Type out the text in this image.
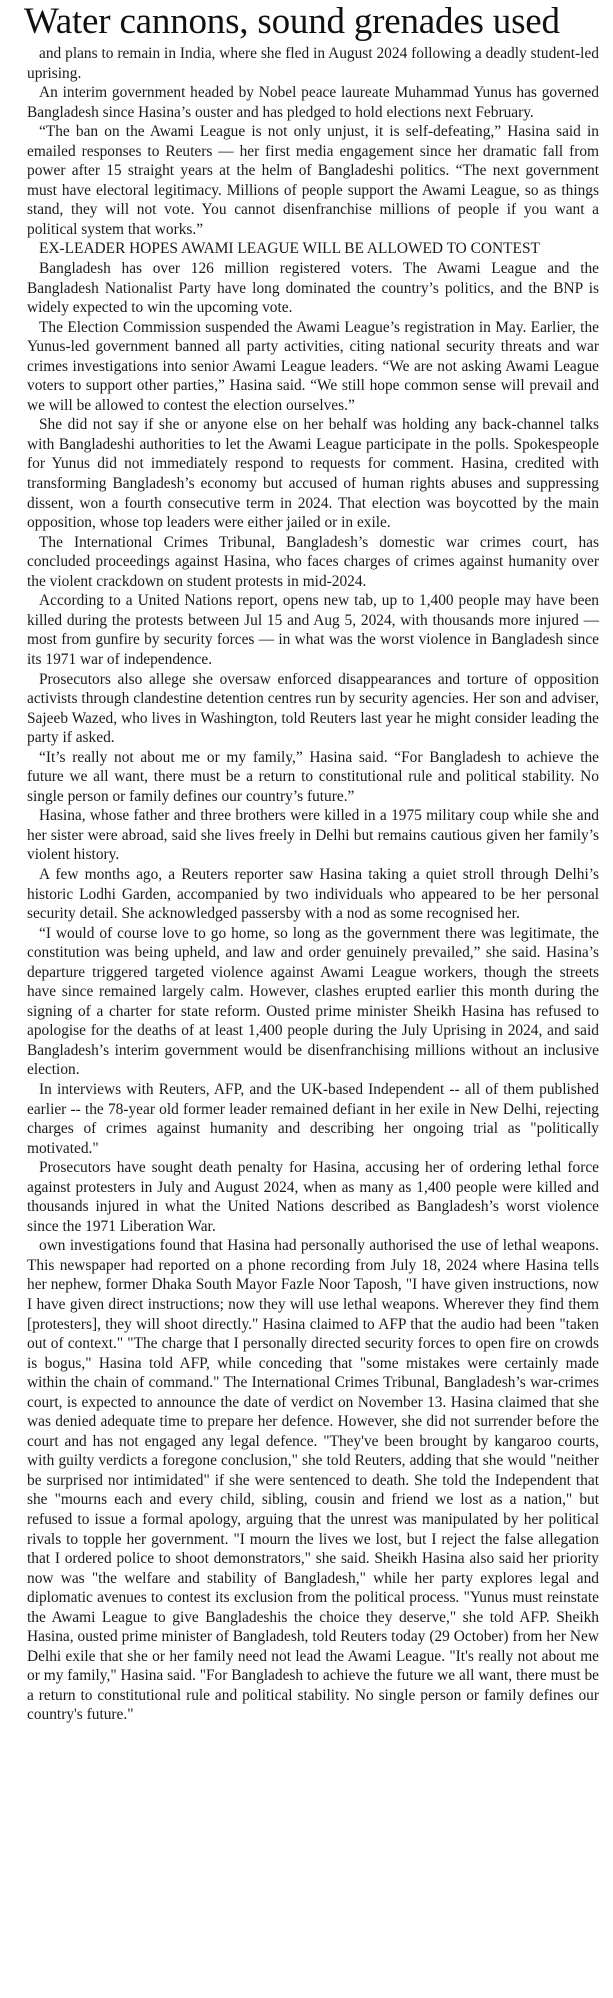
Water cannons, sound grenades used

and plans to remain in India, where she fled in August 2024 following a deadly student-led uprising.

An interim government headed by Nobel peace laureate Muhammad Yunus has governed Bangladesh since Hasina’s ouster and has pledged to hold elections next February.

“The ban on the Awami League is not only unjust, it is self-defeating,” Hasina said in emailed responses to Reuters — her first media engagement since her dramatic fall from power after 15 straight years at the helm of Bangladeshi politics. “The next government must have electoral legitimacy. Millions of people support the Awami League, so as things stand, they will not vote. You cannot disenfranchise millions of people if you want a political system that works.”

EX-LEADER HOPES AWAMI LEAGUE WILL BE ALLOWED TO CONTEST

Bangladesh has over 126 million registered voters. The Awami League and the Bangladesh Nationalist Party have long dominated the country’s politics, and the BNP is widely expected to win the upcoming vote.

The Election Commission suspended the Awami League’s registration in May. Earlier, the Yunus-led government banned all party activities, citing national security threats and war crimes investigations into senior Awami League leaders. “We are not asking Awami League voters to support other parties,” Hasina said. “We still hope common sense will prevail and we will be allowed to contest the election ourselves.”

She did not say if she or anyone else on her behalf was holding any back-channel talks with Bangladeshi authorities to let the Awami League participate in the polls. Spokespeople for Yunus did not immediately respond to requests for comment. Hasina, credited with transforming Bangladesh’s economy but accused of human rights abuses and suppressing dissent, won a fourth consecutive term in 2024. That election was boycotted by the main opposition, whose top leaders were either jailed or in exile.

The International Crimes Tribunal, Bangladesh’s domestic war crimes court, has concluded proceedings against Hasina, who faces charges of crimes against humanity over the violent crackdown on student protests in mid-2024.

According to a United Nations report, opens new tab, up to 1,400 people may have been killed during the protests between Jul 15 and Aug 5, 2024, with thousands more injured — most from gunfire by security forces — in what was the worst violence in Bangladesh since its 1971 war of independence.

Prosecutors also allege she oversaw enforced disappearances and torture of opposition activists through clandestine detention centres run by security agencies. Her son and adviser, Sajeeb Wazed, who lives in Washington, told Reuters last year he might consider leading the party if asked.

“It’s really not about me or my family,” Hasina said. “For Bangladesh to achieve the future we all want, there must be a return to constitutional rule and political stability. No single person or family defines our country’s future.”

Hasina, whose father and three brothers were killed in a 1975 military coup while she and her sister were abroad, said she lives freely in Delhi but remains cautious given her family’s violent history.

A few months ago, a Reuters reporter saw Hasina taking a quiet stroll through Delhi’s historic Lodhi Garden, accompanied by two individuals who appeared to be her personal security detail. She acknowledged passersby with a nod as some recognised her.

“I would of course love to go home, so long as the government there was legitimate, the constitution was being upheld, and law and order genuinely prevailed,” she said. Hasina’s departure triggered targeted violence against Awami League workers, though the streets have since remained largely calm. However, clashes erupted earlier this month during the signing of a charter for state reform. Ousted prime minister Sheikh Hasina has refused to apologise for the deaths of at least 1,400 people during the July Uprising in 2024, and said Bangladesh’s interim government would be disenfranchising millions without an inclusive election.

In interviews with Reuters, AFP, and the UK-based Independent -- all of them published earlier -- the 78-year old former leader remained defiant in her exile in New Delhi, rejecting charges of crimes against humanity and describing her ongoing trial as "politically motivated."

Prosecutors have sought death penalty for Hasina, accusing her of ordering lethal force against protesters in July and August 2024, when as many as 1,400 people were killed and thousands injured in what the United Nations described as Bangladesh’s worst violence since the 1971 Liberation War.

own investigations found that Hasina had personally authorised the use of lethal weapons. This newspaper had reported on a phone recording from July 18, 2024 where Hasina tells her nephew, former Dhaka South Mayor Fazle Noor Taposh, "I have given instructions, now I have given direct instructions; now they will use lethal weapons. Wherever they find them [protesters], they will shoot directly." Hasina claimed to AFP that the audio had been "taken out of context." "The charge that I personally directed security forces to open fire on crowds is bogus," Hasina told AFP, while conceding that "some mistakes were certainly made within the chain of command." The International Crimes Tribunal, Bangladesh’s war-crimes court, is expected to announce the date of verdict on November 13. Hasina claimed that she was denied adequate time to prepare her defence. However, she did not surrender before the court and has not engaged any legal defence. "They've been brought by kangaroo courts, with guilty verdicts a foregone conclusion," she told Reuters, adding that she would "neither be surprised nor intimidated" if she were sentenced to death. She told the Independent that she "mourns each and every child, sibling, cousin and friend we lost as a nation," but refused to issue a formal apology, arguing that the unrest was manipulated by her political rivals to topple her government. "I mourn the lives we lost, but I reject the false allegation that I ordered police to shoot demonstrators," she said. Sheikh Hasina also said her priority now was "the welfare and stability of Bangladesh," while her party explores legal and diplomatic avenues to contest its exclusion from the political process. "Yunus must reinstate the Awami League to give Bangladeshis the choice they deserve," she told AFP. Sheikh Hasina, ousted prime minister of Bangladesh, told Reuters today (29 October) from her New Delhi exile that she or her family need not lead the Awami League. "It's really not about me or my family," Hasina said. "For Bangladesh to achieve the future we all want, there must be a return to constitutional rule and political stability. No single person or family defines our country's future."
